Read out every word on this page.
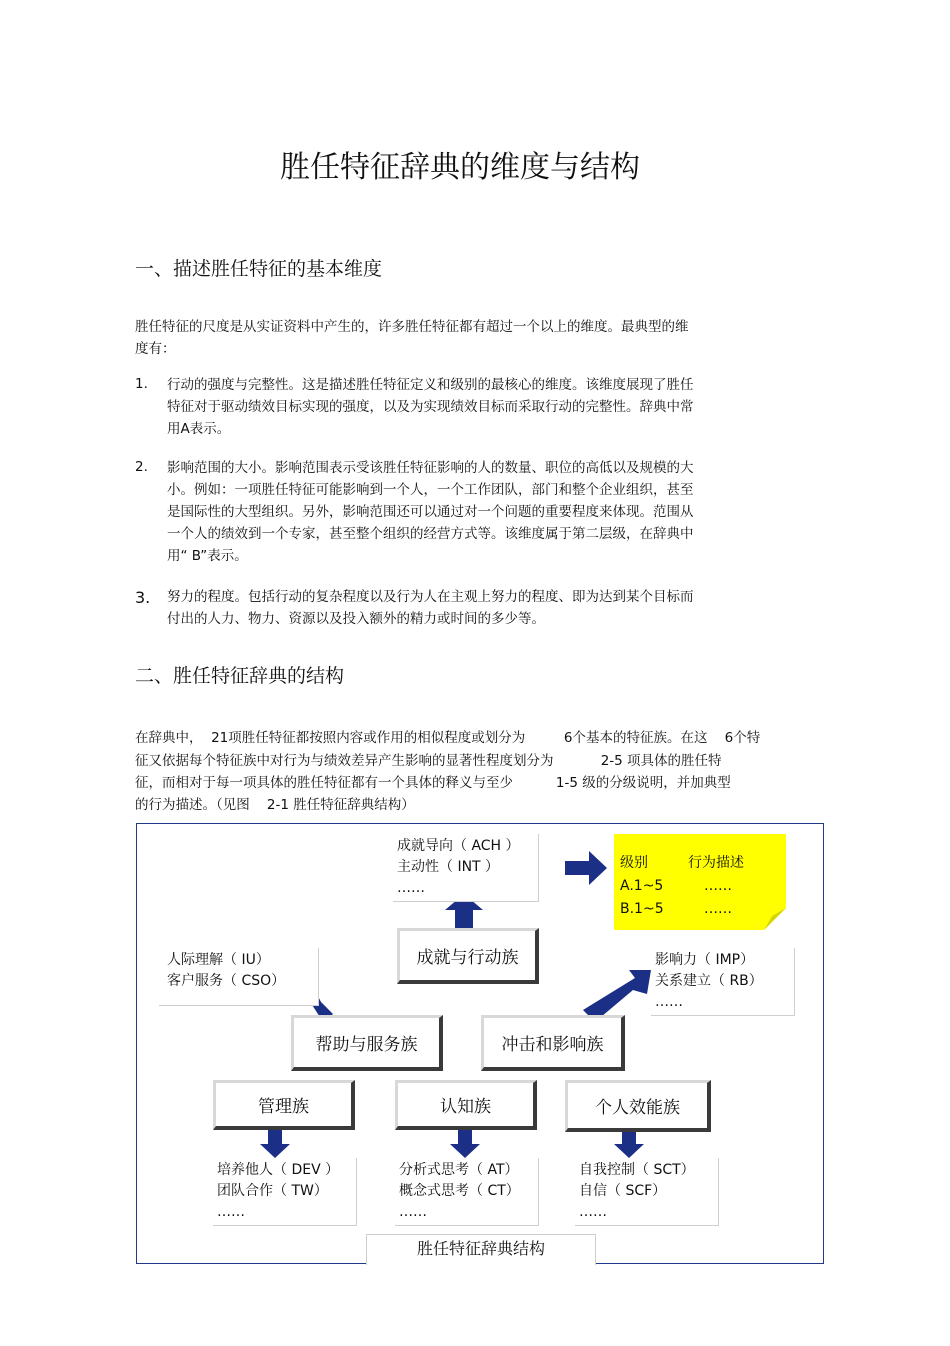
胜任特征辞典的维度与结构
一、描述胜任特征的基本维度
胜任特征的尺度是从实证资料中产生的，许多胜任特征都有超过一个以上的维度。最典型的维
度有：
1. 行动的强度与完整性。这是描述胜任特征定义和级别的最核心的维度。该维度展现了胜任
特征对于驱动绩效目标实现的强度，以及为实现绩效目标而采取行动的完整性。辞典中常
用A表示。
2. 影响范围的大小。影响范围表示受该胜任特征影响的人的数量、职位的高低以及规模的大
小。例如：一项胜任特征可能影响到一个人，一个工作团队，部门和整个企业组织，甚至
是国际性的大型组织。另外，影响范围还可以通过对一个问题的重要程度来体现。范围从
一个人的绩效到一个专家，甚至整个组织的经营方式等。该维度属于第二层级，在辞典中
用“ B”表示。
3. 努力的程度。包括行动的复杂程度以及行为人在主观上努力的程度、即为达到某个目标而
付出的人力、物力、资源以及投入额外的精力或时间的多少等。
二、胜任特征辞典的结构
在辞典中，  21项胜任特征都按照内容或作用的相似程度或划分为         6个基本的特征族。在这    6个特
征又依据每个特征族中对行为与绩效差异产生影响的显著性程度划分为           2-5 项具体的胜任特
征，而相对于每一项具体的胜任特征都有一个具体的释义与至少          1-5 级的分级说明，并加典型
的行为描述。（见图    2-1 胜任特征辞典结构）
成就导向（ ACH ）
主动性（ INT ）
……
级别	行为描述
A.1~5	……
B.1~5	……
成就与行动族
人际理解（ IU）
客户服务（ CSO）
影响力（ IMP）
关系建立（ RB）
……
帮助与服务族	冲击和影响族
管理族	认知族	个人效能族
培养他人（ DEV ）
团队合作（ TW）
……
分析式思考（ AT）
概念式思考（ CT）
……
自我控制（ SCT）
自信（ SCF）
……
胜任特征辞典结构
